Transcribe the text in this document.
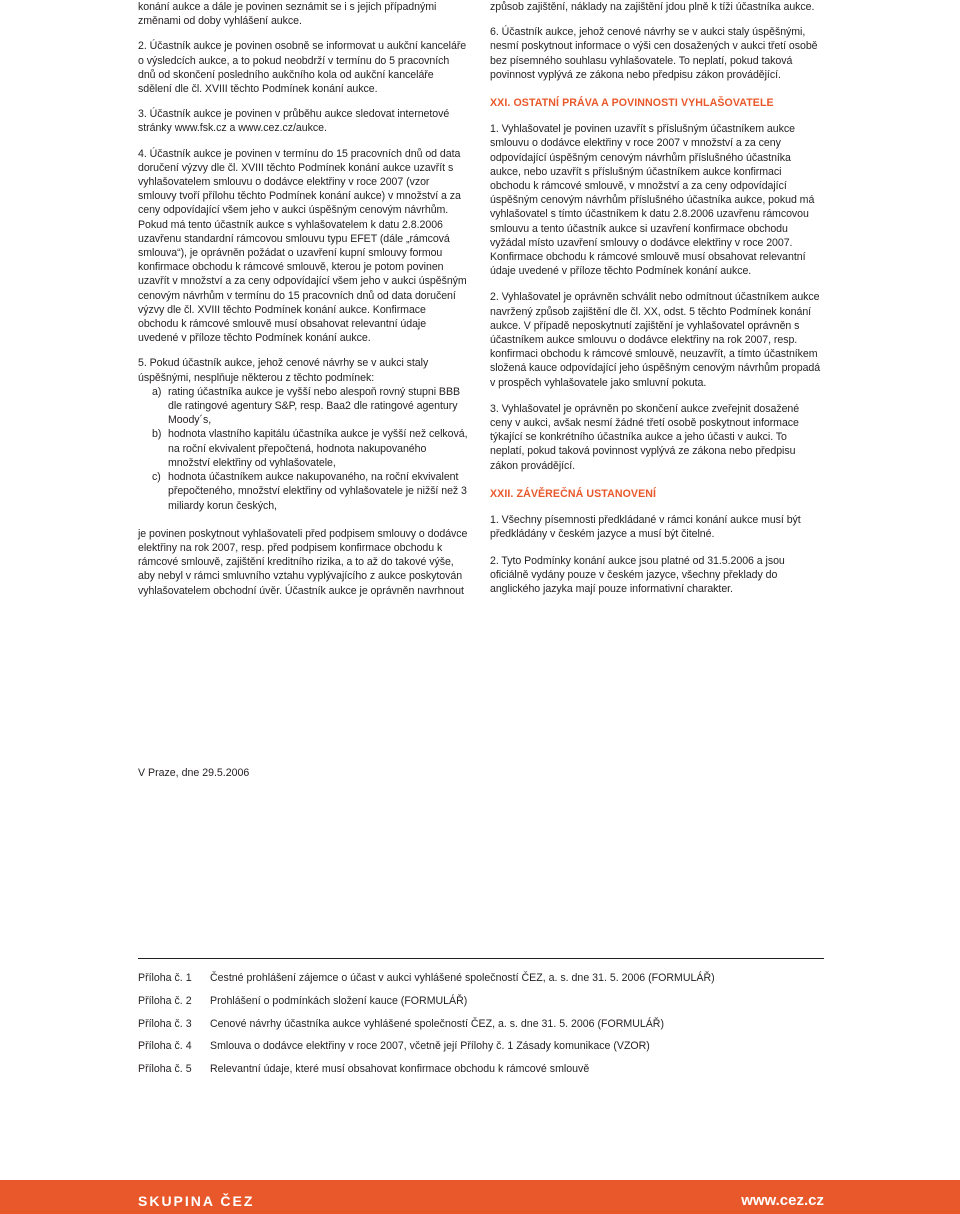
konání aukce a dále je povinen seznámit se i s jejich případnými změnami od doby vyhlášení aukce.

2. Účastník aukce je povinen osobně se informovat u aukční kanceláře o výsledcích aukce, a to pokud neobdrží v termínu do 5 pracovních dnů od skončení posledního aukčního kola od aukční kanceláře sdělení dle čl. XVIII těchto Podmínek konání aukce.

3. Účastník aukce je povinen v průběhu aukce sledovat internetové stránky www.fsk.cz a www.cez.cz/aukce.

4. Účastník aukce je povinen v termínu do 15 pracovních dnů od data doručení výzvy dle čl. XVIII těchto Podmínek konání aukce uzavřít s vyhlašovatelem smlouvu o dodávce elektřiny v roce 2007 (vzor smlouvy tvoří přílohu těchto Podmínek konání aukce) v množství a za ceny odpovídající všem jeho v aukci úspěšným cenovým návrhům. Pokud má tento účastník aukce s vyhlašovatelem k datu 2.8.2006 uzavřenu standardní rámcovou smlouvu typu EFET (dále „rámcová smlouva“), je oprávněn požádat o uzavření kupní smlouvy formou konfirmace obchodu k rámcové smlouvě, kterou je potom povinen uzavřít v množství a za ceny odpovídající všem jeho v aukci úspěšným cenovým návrhům v termínu do 15 pracovních dnů od data doručení výzvy dle čl. XVIII těchto Podmínek konání aukce. Konfirmace obchodu k rámcové smlouvě musí obsahovat relevantní údaje uvedené v příloze těchto Podmínek konání aukce.

5. Pokud účastník aukce, jehož cenové návrhy se v aukci staly úspěšnými, nesplňuje některou z těchto podmínek:

a) rating účastníka aukce je vyšší nebo alespoň rovný stupni BBB dle ratingové agentury S&P, resp. Baa2 dle ratingové agentury Moody´s,
b) hodnota vlastního kapitálu účastníka aukce je vyšší než celková, na roční ekvivalent přepočtená, hodnota nakupovaného množství elektřiny od vyhlašovatele,
c) hodnota účastníkem aukce nakupovaného, na roční ekvivalent přepočteného, množství elektřiny od vyhlašovatele je nižší než 3 miliardy korun českých,

je povinen poskytnout vyhlašovateli před podpisem smlouvy o dodávce elektřiny na rok 2007, resp. před podpisem konfirmace obchodu k rámcové smlouvě, zajištění kreditního rizika, a to až do takové výše, aby nebyl v rámci smluvního vztahu vyplývajícího z aukce poskytován vyhlašovatelem obchodní úvěr. Účastník aukce je oprávněn navrhnout

způsob zajištění, náklady na zajištění jdou plně k tíži účastníka aukce.

6. Účastník aukce, jehož cenové návrhy se v aukci staly úspěšnými, nesmí poskytnout informace o výši cen dosažených v aukci třetí osobě bez písemného souhlasu vyhlašovatele. To neplatí, pokud taková povinnost vyplývá ze zákona nebo předpisu zákon provádějící.

XXI. OSTATNÍ PRÁVA A POVINNOSTI VYHLAŠOVATELE

1. Vyhlašovatel je povinen uzavřít s příslušným účastníkem aukce smlouvu o dodávce elektřiny v roce 2007 v množství a za ceny odpovídající úspěšným cenovým návrhům příslušného účastníka aukce, nebo uzavřít s příslušným účastníkem aukce konfirmaci obchodu k rámcové smlouvě, v množství a za ceny odpovídající úspěšným cenovým návrhům příslušného účastníka aukce, pokud má vyhlašovatel s tímto účastníkem k datu 2.8.2006 uzavřenu rámcovou smlouvu a tento účastník aukce si uzavření konfirmace obchodu vyžádal místo uzavření smlouvy o dodávce elektřiny v roce 2007. Konfirmace obchodu k rámcové smlouvě musí obsahovat relevantní údaje uvedené v příloze těchto Podmínek konání aukce.

2. Vyhlašovatel je oprávněn schválit nebo odmítnout účastníkem aukce navržený způsob zajištění dle čl. XX, odst. 5 těchto Podmínek konání aukce. V případě neposkytnutí zajištění je vyhlašovatel oprávněn s účastníkem aukce smlouvu o dodávce elektřiny na rok 2007, resp. konfirmaci obchodu k rámcové smlouvě, neuzavřít, a tímto účastníkem složená kauce odpovídající jeho úspěšným cenovým návrhům propadá v prospěch vyhlašovatele jako smluvní pokuta.

3. Vyhlašovatel je oprávněn po skončení aukce zveřejnit dosažené ceny v aukci, avšak nesmí žádné třetí osobě poskytnout informace týkající se konkrétního účastníka aukce a jeho účasti v aukci. To neplatí, pokud taková povinnost vyplývá ze zákona nebo předpisu zákon provádějící.

XXII. ZÁVĚREČNÁ USTANOVENÍ

1. Všechny písemnosti předkládané v rámci konání aukce musí být předkládány v českém jazyce a musí být čitelné.

2. Tyto Podmínky konání aukce jsou platné od 31.5.2006 a jsou oficiálně vydány pouze v českém jazyce, všechny překlady do anglického jazyka mají pouze informativní charakter.

V Praze, dne 29.5.2006
Příloha č. 1 Čestné prohlášení zájemce o účast v aukci vyhlášené společností ČEZ, a. s. dne 31. 5. 2006 (FORMULÁŘ)
Příloha č. 2 Prohlášení o podmínkách složení kauce (FORMULÁŘ)
Příloha č. 3 Cenové návrhy účastníka aukce vyhlášené společností ČEZ, a. s. dne 31. 5. 2006 (FORMULÁŘ)
Příloha č. 4 Smlouva o dodávce elektřiny v roce 2007, včetně její Přílohy č. 1 Zásady komunikace (VZOR)
Příloha č. 5 Relevantní údaje, které musí obsahovat konfirmace obchodu k rámcové smlouvě
SKUPINA ČEZ	www.cez.cz
